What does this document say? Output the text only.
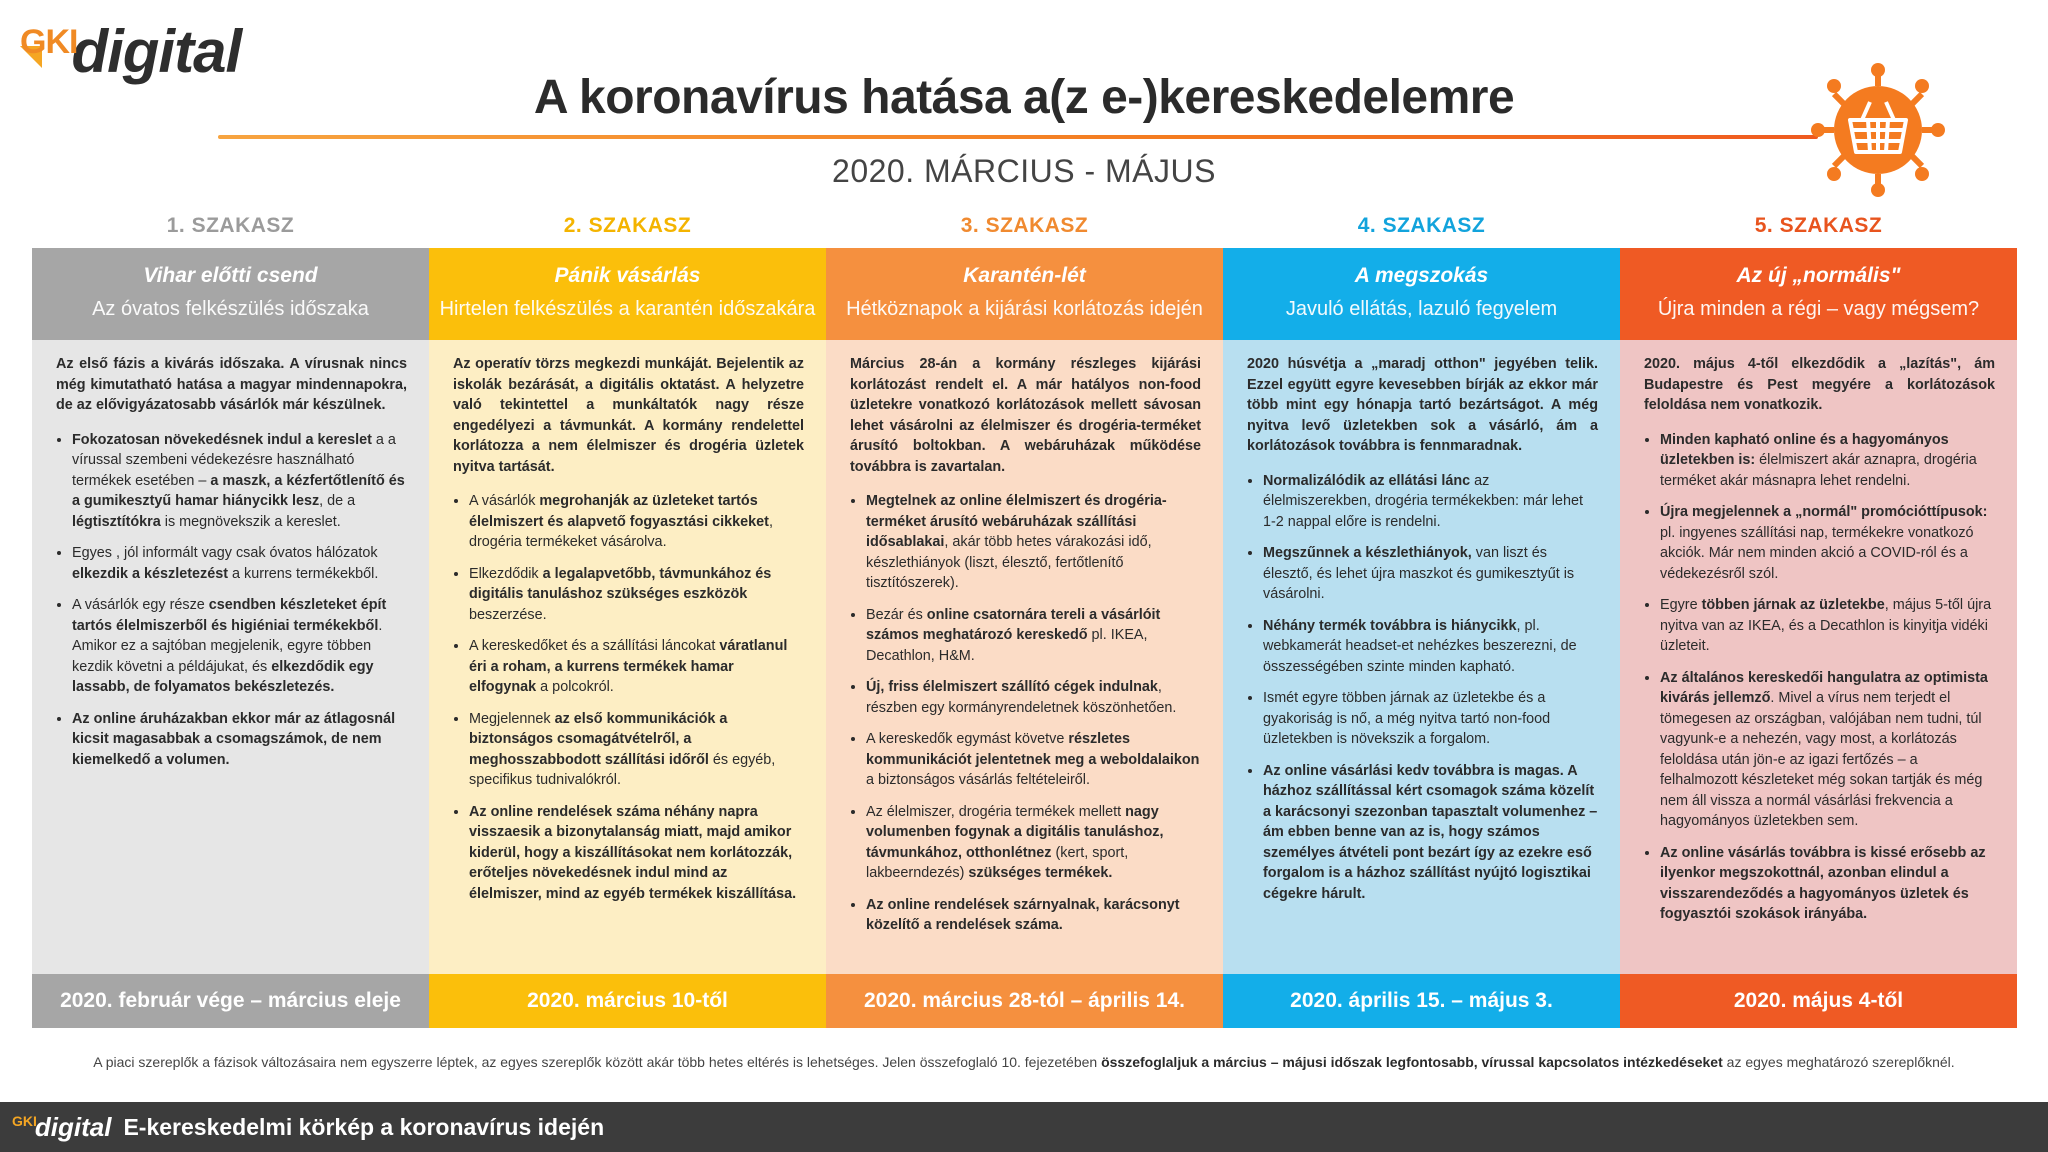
GKI
digital
A koronavírus hatása a(z e-)kereskedelemre
2020. MÁRCIUS - MÁJUS
1. SZAKASZ
Vihar előtti csend
Az óvatos felkészülés időszaka

Az első fázis a kivárás időszaka. A vírusnak nincs még kimutatható hatása a magyar mindennapokra, de az elővigyázatosabb vásárlók már készülnek.

• Fokozatosan növekedésnek indul a kereslet a a vírussal szembeni védekezésre használható termékek esetében – a maszk, a kézfertőtlenítő és a gumikesztyű hamar hiánycikk lesz, de a légtisztítókra is megnövekszik a kereslet.
• Egyes , jól informált vagy csak óvatos hálózatok elkezdik a készletezést a kurrens termékekből.
• A vásárlók egy része csendben készleteket épít tartós élelmiszerből és higiéniai termékekből. Amikor ez a sajtóban megjelenik, egyre többen kezdik követni a példájukat, és elkezdődik egy lassabb, de folyamatos bekészletezés.
• Az online áruházakban ekkor már az átlagosnál kicsit magasabbak a csomagszámok, de nem kiemelkedő a volumen.
2020. február vége – március eleje
2. SZAKASZ
Pánik vásárlás
Hirtelen felkészülés a karantén időszakára

Az operatív törzs megkezdi munkáját. Bejelentik az iskolák bezárását, a digitális oktatást. A helyzetre való tekintettel a munkáltatók nagy része engedélyezi a távmunkát. A kormány rendelettel korlátozza a nem élelmiszer és drogéria üzletek nyitva tartását.

• A vásárlók megrohanják az üzleteket tartós élelmiszert és alapvető fogyasztási cikkeket, drogéria termékeket vásárolva.
• Elkezdődik a legalapvetőbb, távmunkához és digitális tanuláshoz szükséges eszközök beszerzése.
• A kereskedőket és a szállítási láncokat váratlanul éri a roham, a kurrens termékek hamar elfogynak a polcokról.
• Megjelennek az első kommunikációk a biztonságos csomagátvételről, a meghosszabbodott szállítási időről és egyéb, specifikus tudnivalókról.
• Az online rendelések száma néhány napra visszaesik a bizonytalanság miatt, majd amikor kiderül, hogy a kiszállításokat nem korlátozzák, erőteljes növekedésnek indul mind az élelmiszer, mind az egyéb termékek kiszállítása.
2020. március 10-től
3. SZAKASZ
Karantén-lét
Hétköznapok a kijárási korlátozás idején

Március 28-án a kormány részleges kijárási korlátozást rendelt el. A már hatályos non-food üzletekre vonatkozó korlátozások mellett sávosan lehet vásárolni az élelmiszer és drogéria-terméket árusító boltokban. A webáruházak működése továbbra is zavartalan.

• Megtelnek az online élelmiszert és drogéria-terméket árusító webáruházak szállítási idősablakai, akár több hetes várakozási idő, készlethiányok (liszt, élesztő, fertőtlenítő tisztítószerek).
• Bezár és online csatornára tereli a vásárlóit számos meghatározó kereskedő pl. IKEA, Decathlon, H&M.
• Új, friss élelmiszert szállító cégek indulnak, részben egy kormányrendeletnek köszönhetően.
• A kereskedők egymást követve részletes kommunikációt jelentetnek meg a weboldalaikon a biztonságos vásárlás feltételeiről.
• Az élelmiszer, drogéria termékek mellett nagy volumenben fogynak a digitális tanuláshoz, távmunkához, otthonlétnez (kert, sport, lakbeerndezés) szükséges termékek.
• Az online rendelések szárnyalnak, karácsonyt közelítő a rendelések száma.
2020. március 28-tól – április 14.
4. SZAKASZ
A megszokás
Javuló ellátás, lazuló fegyelem

2020 húsvétja a „maradj otthon" jegyében telik. Ezzel együtt egyre kevesebben bírják az ekkor már több mint egy hónapja tartó bezártságot. A még nyitva levő üzletekben sok a vásárló, ám a korlátozások továbbra is fennmaradnak.

• Normalizálódik az ellátási lánc az élelmiszerekben, drogéria termékekben: már lehet 1-2 nappal előre is rendelni.
• Megszűnnek a készlethiányok, van liszt és élesztő, és lehet újra maszkot és gumikesztyűt is vásárolni.
• Néhány termék továbbra is hiánycikk, pl. webkamerát headset-et nehézkes beszerezni, de összességében szinte minden kapható.
• Ismét egyre többen járnak az üzletekbe és a gyakoriság is nő, a még nyitva tartó non-food üzletekben is növekszik a forgalom.
• Az online vásárlási kedv továbbra is magas. A házhoz szállítással kért csomagok száma közelít a karácsonyi szezonban tapasztalt volumenhez – ám ebben benne van az is, hogy számos személyes átvételi pont bezárt így az ezekre eső forgalom is a házhoz szállítást nyújtó logisztikai cégekre hárult.
2020. április 15. – május 3.
5. SZAKASZ
Az új „normális"
Újra minden a régi – vagy mégsem?

2020. május 4-től elkezdődik a „lazítás", ám Budapestre és Pest megyére a korlátozások feloldása nem vonatkozik.

• Minden kapható online és a hagyományos üzletekben is: élelmiszert akár aznapra, drogéria terméket akár másnapra lehet rendelni.
• Újra megjelennek a „normál" promócióttípusok: pl. ingyenes szállítási nap, termékekre vonatkozó akciók. Már nem minden akció a COVID-ról és a védekezésről szól.
• Egyre többen járnak az üzletekbe, május 5-től újra nyitva van az IKEA, és a Decathlon is kinyitja vidéki üzleteit.
• Az általános kereskedői hangulatra az optimista kivárás jellemző. Mivel a vírus nem terjedt el tömegesen az országban, valójában nem tudni, túl vagyunk-e a nehezén, vagy most, a korlátozás feloldása után jön-e az igazi fertőzés – a felhalmozott készleteket még sokan tartják és még nem áll vissza a normál vásárlási frekvencia a hagyományos üzletekben sem.
• Az online vásárlás továbbra is kissé erősebb az ilyenkor megszokottnál, azonban elindul a visszarendeződés a hagyományos üzletek és fogyasztói szokások irányába.
2020. május 4-től
A piaci szereplők a fázisok változásaira nem egyszerre léptek, az egyes szereplők között akár több hetes eltérés is lehetséges. Jelen összefoglaló 10. fejezetében összefoglaljuk a március – májusi időszak legfontosabb, vírussal kapcsolatos intézkedéseket az egyes meghatározó szereplőknél.
$^{GKI}$digital E-kereskedelmi körkép a koronavírus idején
